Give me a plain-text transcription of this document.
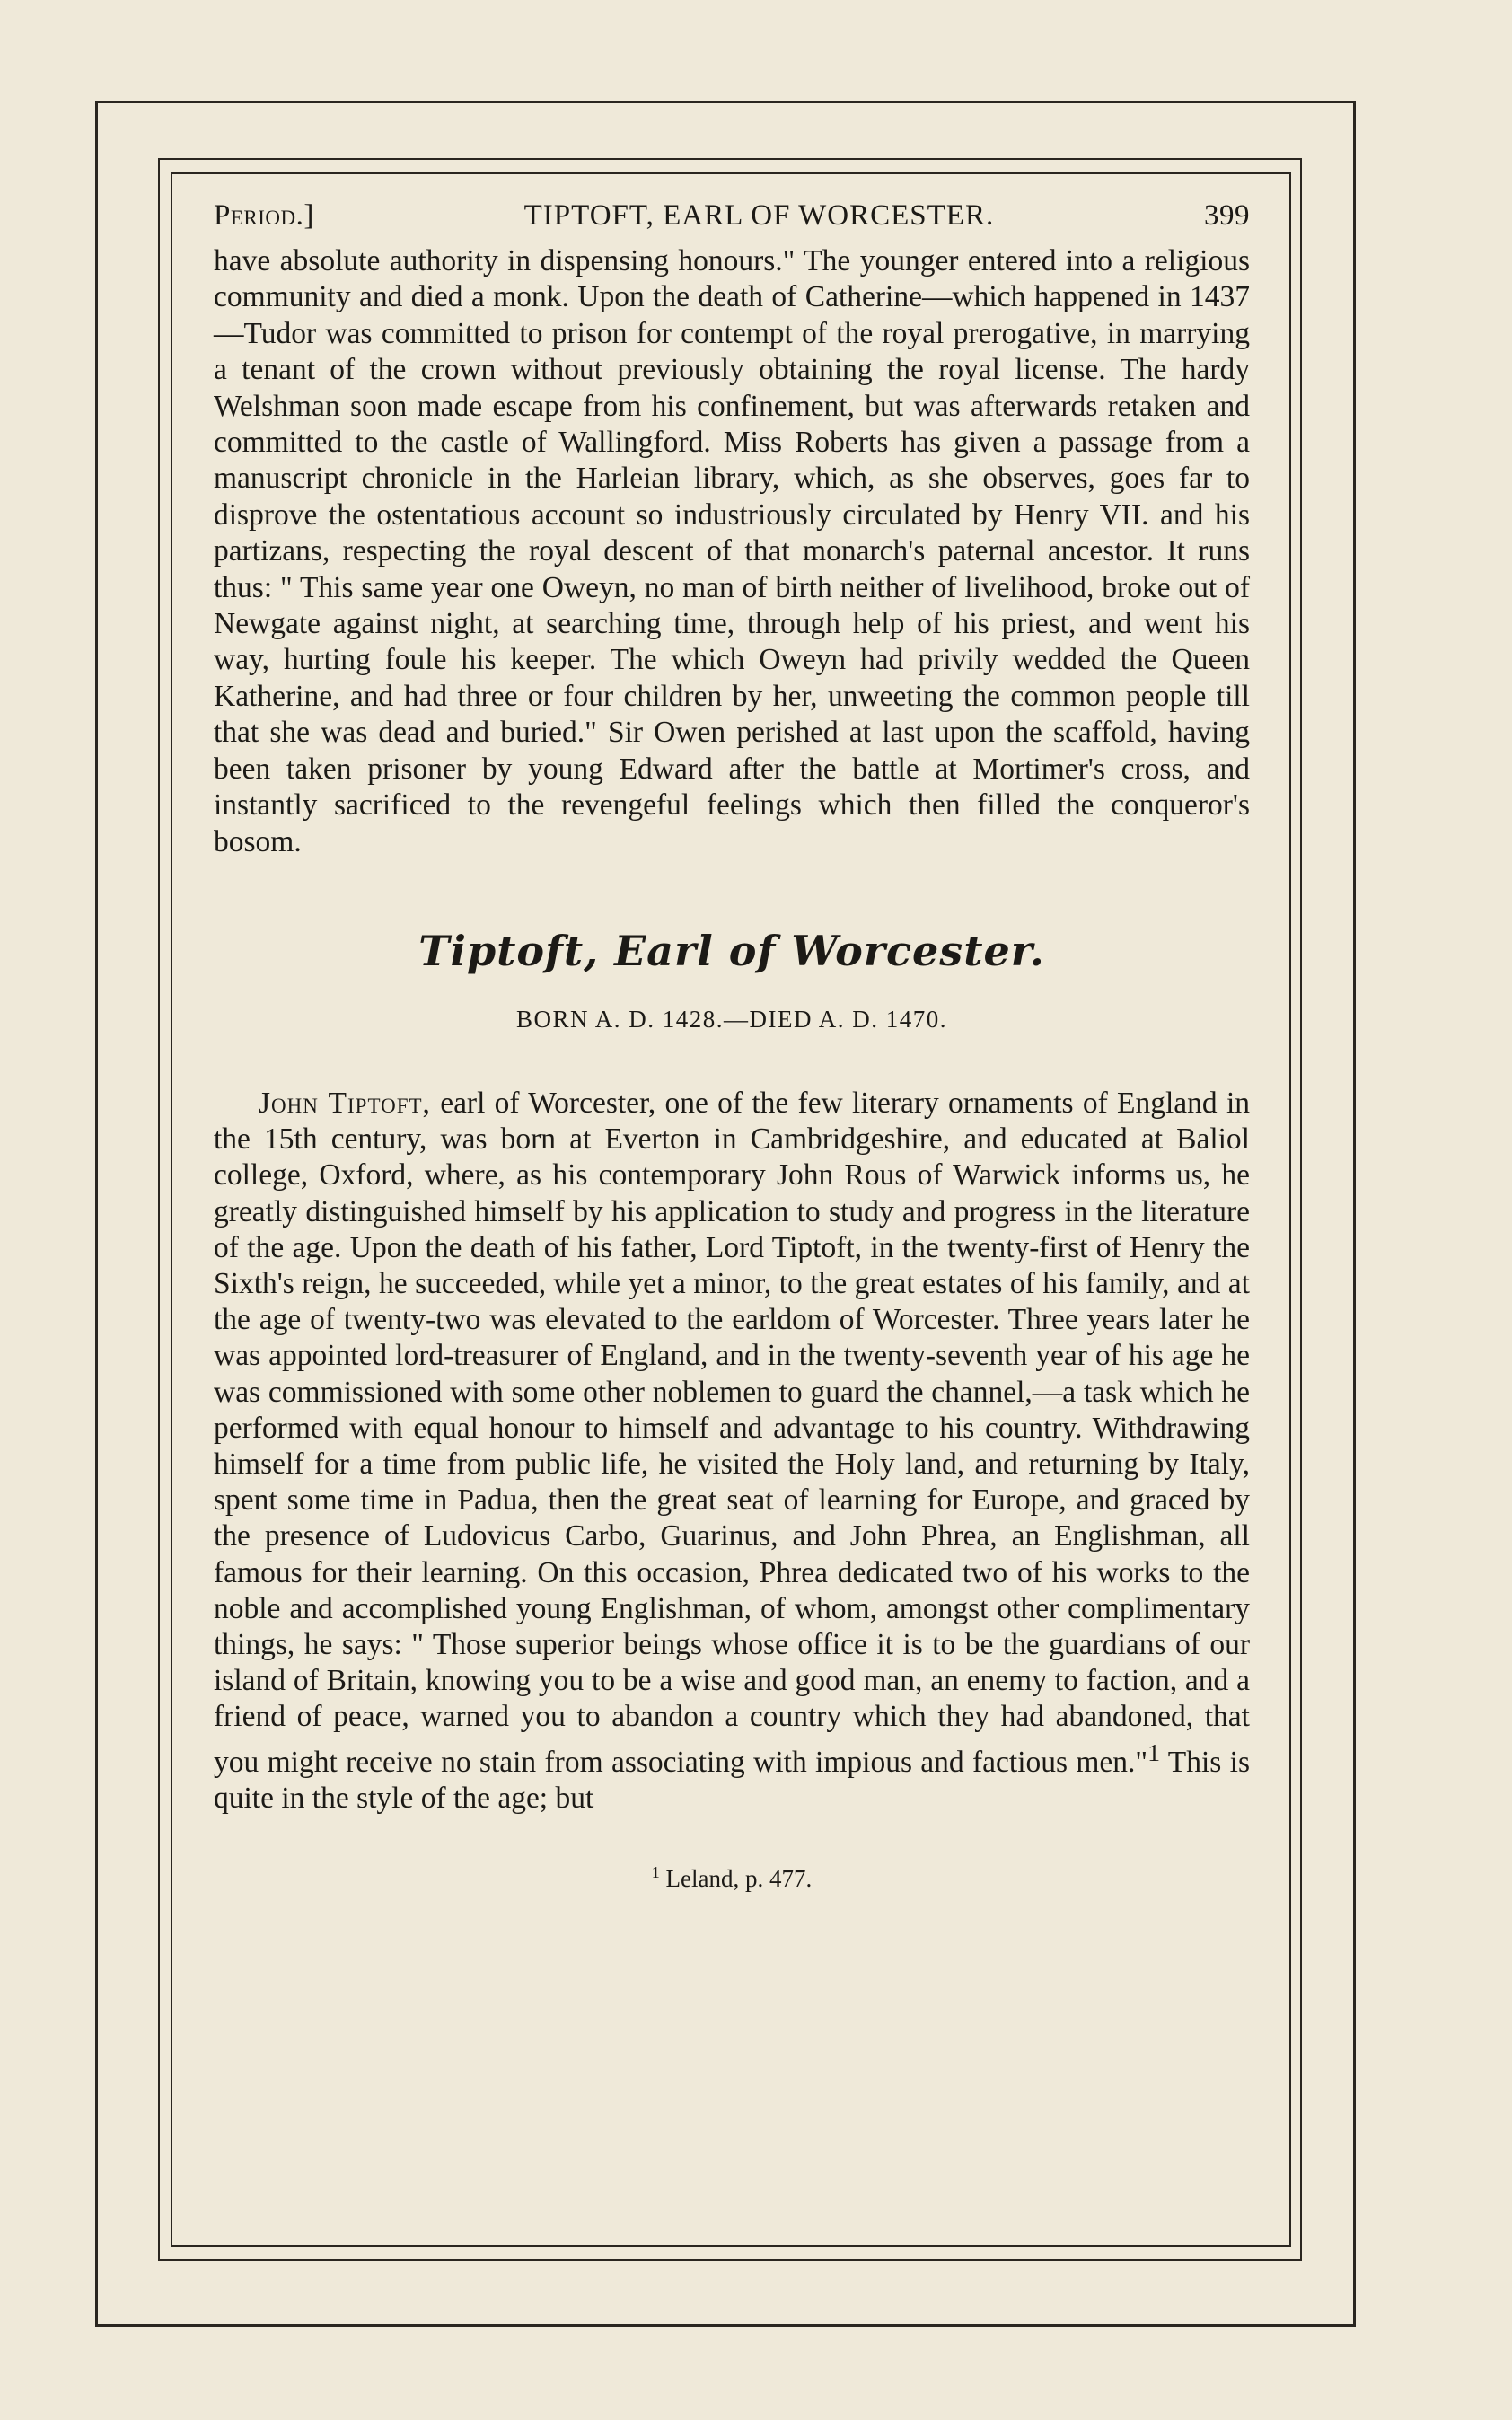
Period.]	TIPTOFT, EARL OF WORCESTER.	399

have absolute authority in dispensing honours." The younger entered into a religious community and died a monk. Upon the death of Catherine—which happened in 1437—Tudor was committed to prison for contempt of the royal prerogative, in marrying a tenant of the crown without previously obtaining the royal license. The hardy Welshman soon made escape from his confinement, but was afterwards retaken and committed to the castle of Wallingford. Miss Roberts has given a passage from a manuscript chronicle in the Harleian library, which, as she observes, goes far to disprove the ostentatious account so industriously circulated by Henry VII. and his partizans, respecting the royal descent of that monarch's paternal ancestor. It runs thus: " This same year one Oweyn, no man of birth neither of livelihood, broke out of Newgate against night, at searching time, through help of his priest, and went his way, hurting foule his keeper. The which Oweyn had privily wedded the Queen Katherine, and had three or four children by her, unweeting the common people till that she was dead and buried." Sir Owen perished at last upon the scaffold, having been taken prisoner by young Edward after the battle at Mortimer's cross, and instantly sacrificed to the revengeful feelings which then filled the conqueror's bosom.

Tiptoft, Earl of Worcester.
BORN A. D. 1428.—DIED A. D. 1470.

John Tiptoft, earl of Worcester, one of the few literary ornaments of England in the 15th century, was born at Everton in Cambridgeshire, and educated at Baliol college, Oxford, where, as his contemporary John Rous of Warwick informs us, he greatly distinguished himself by his application to study and progress in the literature of the age. Upon the death of his father, Lord Tiptoft, in the twenty-first of Henry the Sixth's reign, he succeeded, while yet a minor, to the great estates of his family, and at the age of twenty-two was elevated to the earldom of Worcester. Three years later he was appointed lord-treasurer of England, and in the twenty-seventh year of his age he was commissioned with some other noblemen to guard the channel,—a task which he performed with equal honour to himself and advantage to his country. Withdrawing himself for a time from public life, he visited the Holy land, and returning by Italy, spent some time in Padua, then the great seat of learning for Europe, and graced by the presence of Ludovicus Carbo, Guarinus, and John Phrea, an Englishman, all famous for their learning. On this occasion, Phrea dedicated two of his works to the noble and accomplished young Englishman, of whom, amongst other complimentary things, he says: " Those superior beings whose office it is to be the guardians of our island of Britain, knowing you to be a wise and good man, an enemy to faction, and a friend of peace, warned you to abandon a country which they had abandoned, that you might receive no stain from associating with impious and factious men."$^1$ This is quite in the style of the age; but

$^1$ Leland, p. 477.
